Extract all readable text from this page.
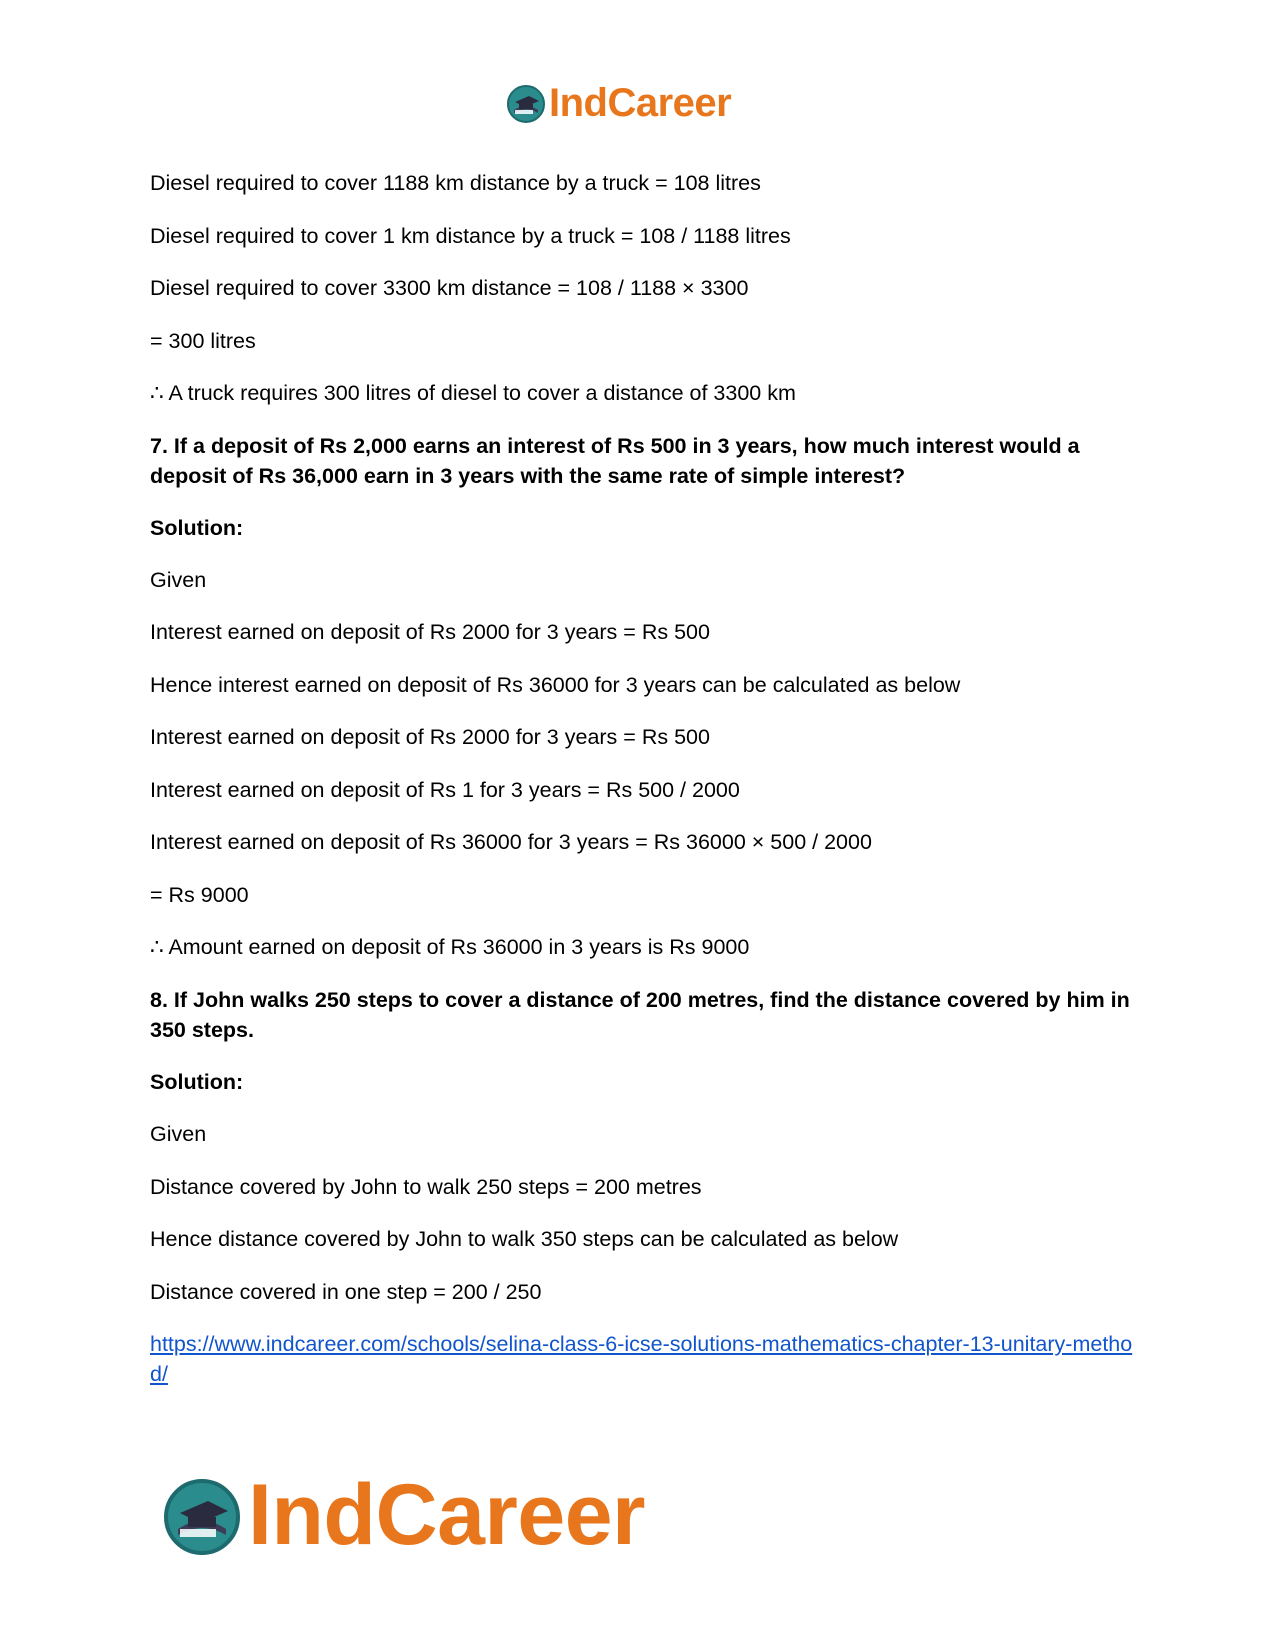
IndCareer
Diesel required to cover 1188 km distance by a truck = 108 litres
Diesel required to cover 1 km distance by a truck = 108 / 1188 litres
Diesel required to cover 3300 km distance = 108 / 1188 × 3300
= 300 litres
∴ A truck requires 300 litres of diesel to cover a distance of 3300 km
7. If a deposit of Rs 2,000 earns an interest of Rs 500 in 3 years, how much interest would a deposit of Rs 36,000 earn in 3 years with the same rate of simple interest?
Solution:
Given
Interest earned on deposit of Rs 2000 for 3 years = Rs 500
Hence interest earned on deposit of Rs 36000 for 3 years can be calculated as below
Interest earned on deposit of Rs 2000 for 3 years = Rs 500
Interest earned on deposit of Rs 1 for 3 years = Rs 500 / 2000
Interest earned on deposit of Rs 36000 for 3 years = Rs 36000 × 500 / 2000
= Rs 9000
∴ Amount earned on deposit of Rs 36000 in 3 years is Rs 9000
8. If John walks 250 steps to cover a distance of 200 metres, find the distance covered by him in 350 steps.
Solution:
Given
Distance covered by John to walk 250 steps = 200 metres
Hence distance covered by John to walk 350 steps can be calculated as below
Distance covered in one step = 200 / 250
https://www.indcareer.com/schools/selina-class-6-icse-solutions-mathematics-chapter-13-unitary-method/
IndCareer
